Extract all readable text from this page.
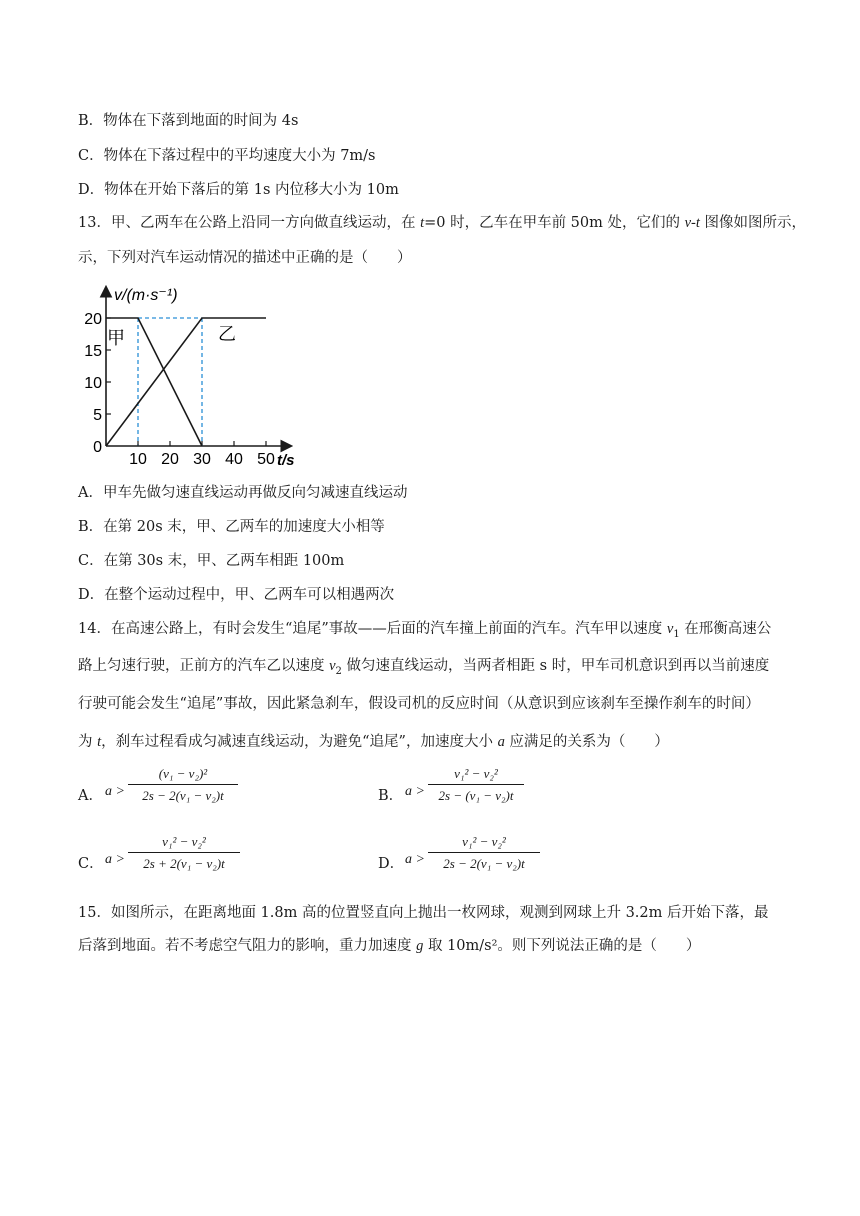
B．物体在下落到地面的时间为 4s
C．物体在下落过程中的平均速度大小为 7m/s
D．物体在开始下落后的第 1s 内位移大小为 10m
13．甲、乙两车在公路上沿同一方向做直线运动，在 t=0 时，乙车在甲车前 50m 处，它们的 v-t 图像如图所示，
示，下列对汽车运动情况的描述中正确的是（　　）
10 20 30 40 50
0
5
10
15
20
v/(m·s⁻¹)
t/s
甲	乙
A．甲车先做匀速直线运动再做反向匀减速直线运动
B．在第 20s 末，甲、乙两车的加速度大小相等
C．在第 30s 末，甲、乙两车相距 100m
D．在整个运动过程中，甲、乙两车可以相遇两次
14．在高速公路上，有时会发生“追尾”事故——后面的汽车撞上前面的汽车。汽车甲以速度 $v_1$ 在邢衡高速公
路上匀速行驶，正前方的汽车乙以速度 $v_2$ 做匀速直线运动，当两者相距 s 时，甲车司机意识到再以当前速度
行驶可能会发生“追尾”事故，因此紧急刹车，假设司机的反应时间（从意识到应该刹车至操作刹车的时间）
为 t，刹车过程看成匀减速直线运动，为避免“追尾”，加速度大小 a 应满足的关系为（　　）
A． a >
(v₁ − v₂)²
2s − 2(v₁ − v₂)t	B． a >
v₁² − v₂²
2s − (v₁ − v₂)t
C． a >
v₁² − v₂²
2s + 2(v₁ − v₂)t	D． a >
v₁² − v₂²
2s − 2(v₁ − v₂)t
15．如图所示，在距离地面 1.8m 高的位置竖直向上抛出一枚网球，观测到网球上升 3.2m 后开始下落，最
后落到地面。若不考虑空气阻力的影响，重力加速度 g 取 10m/s²。则下列说法正确的是（　　）
